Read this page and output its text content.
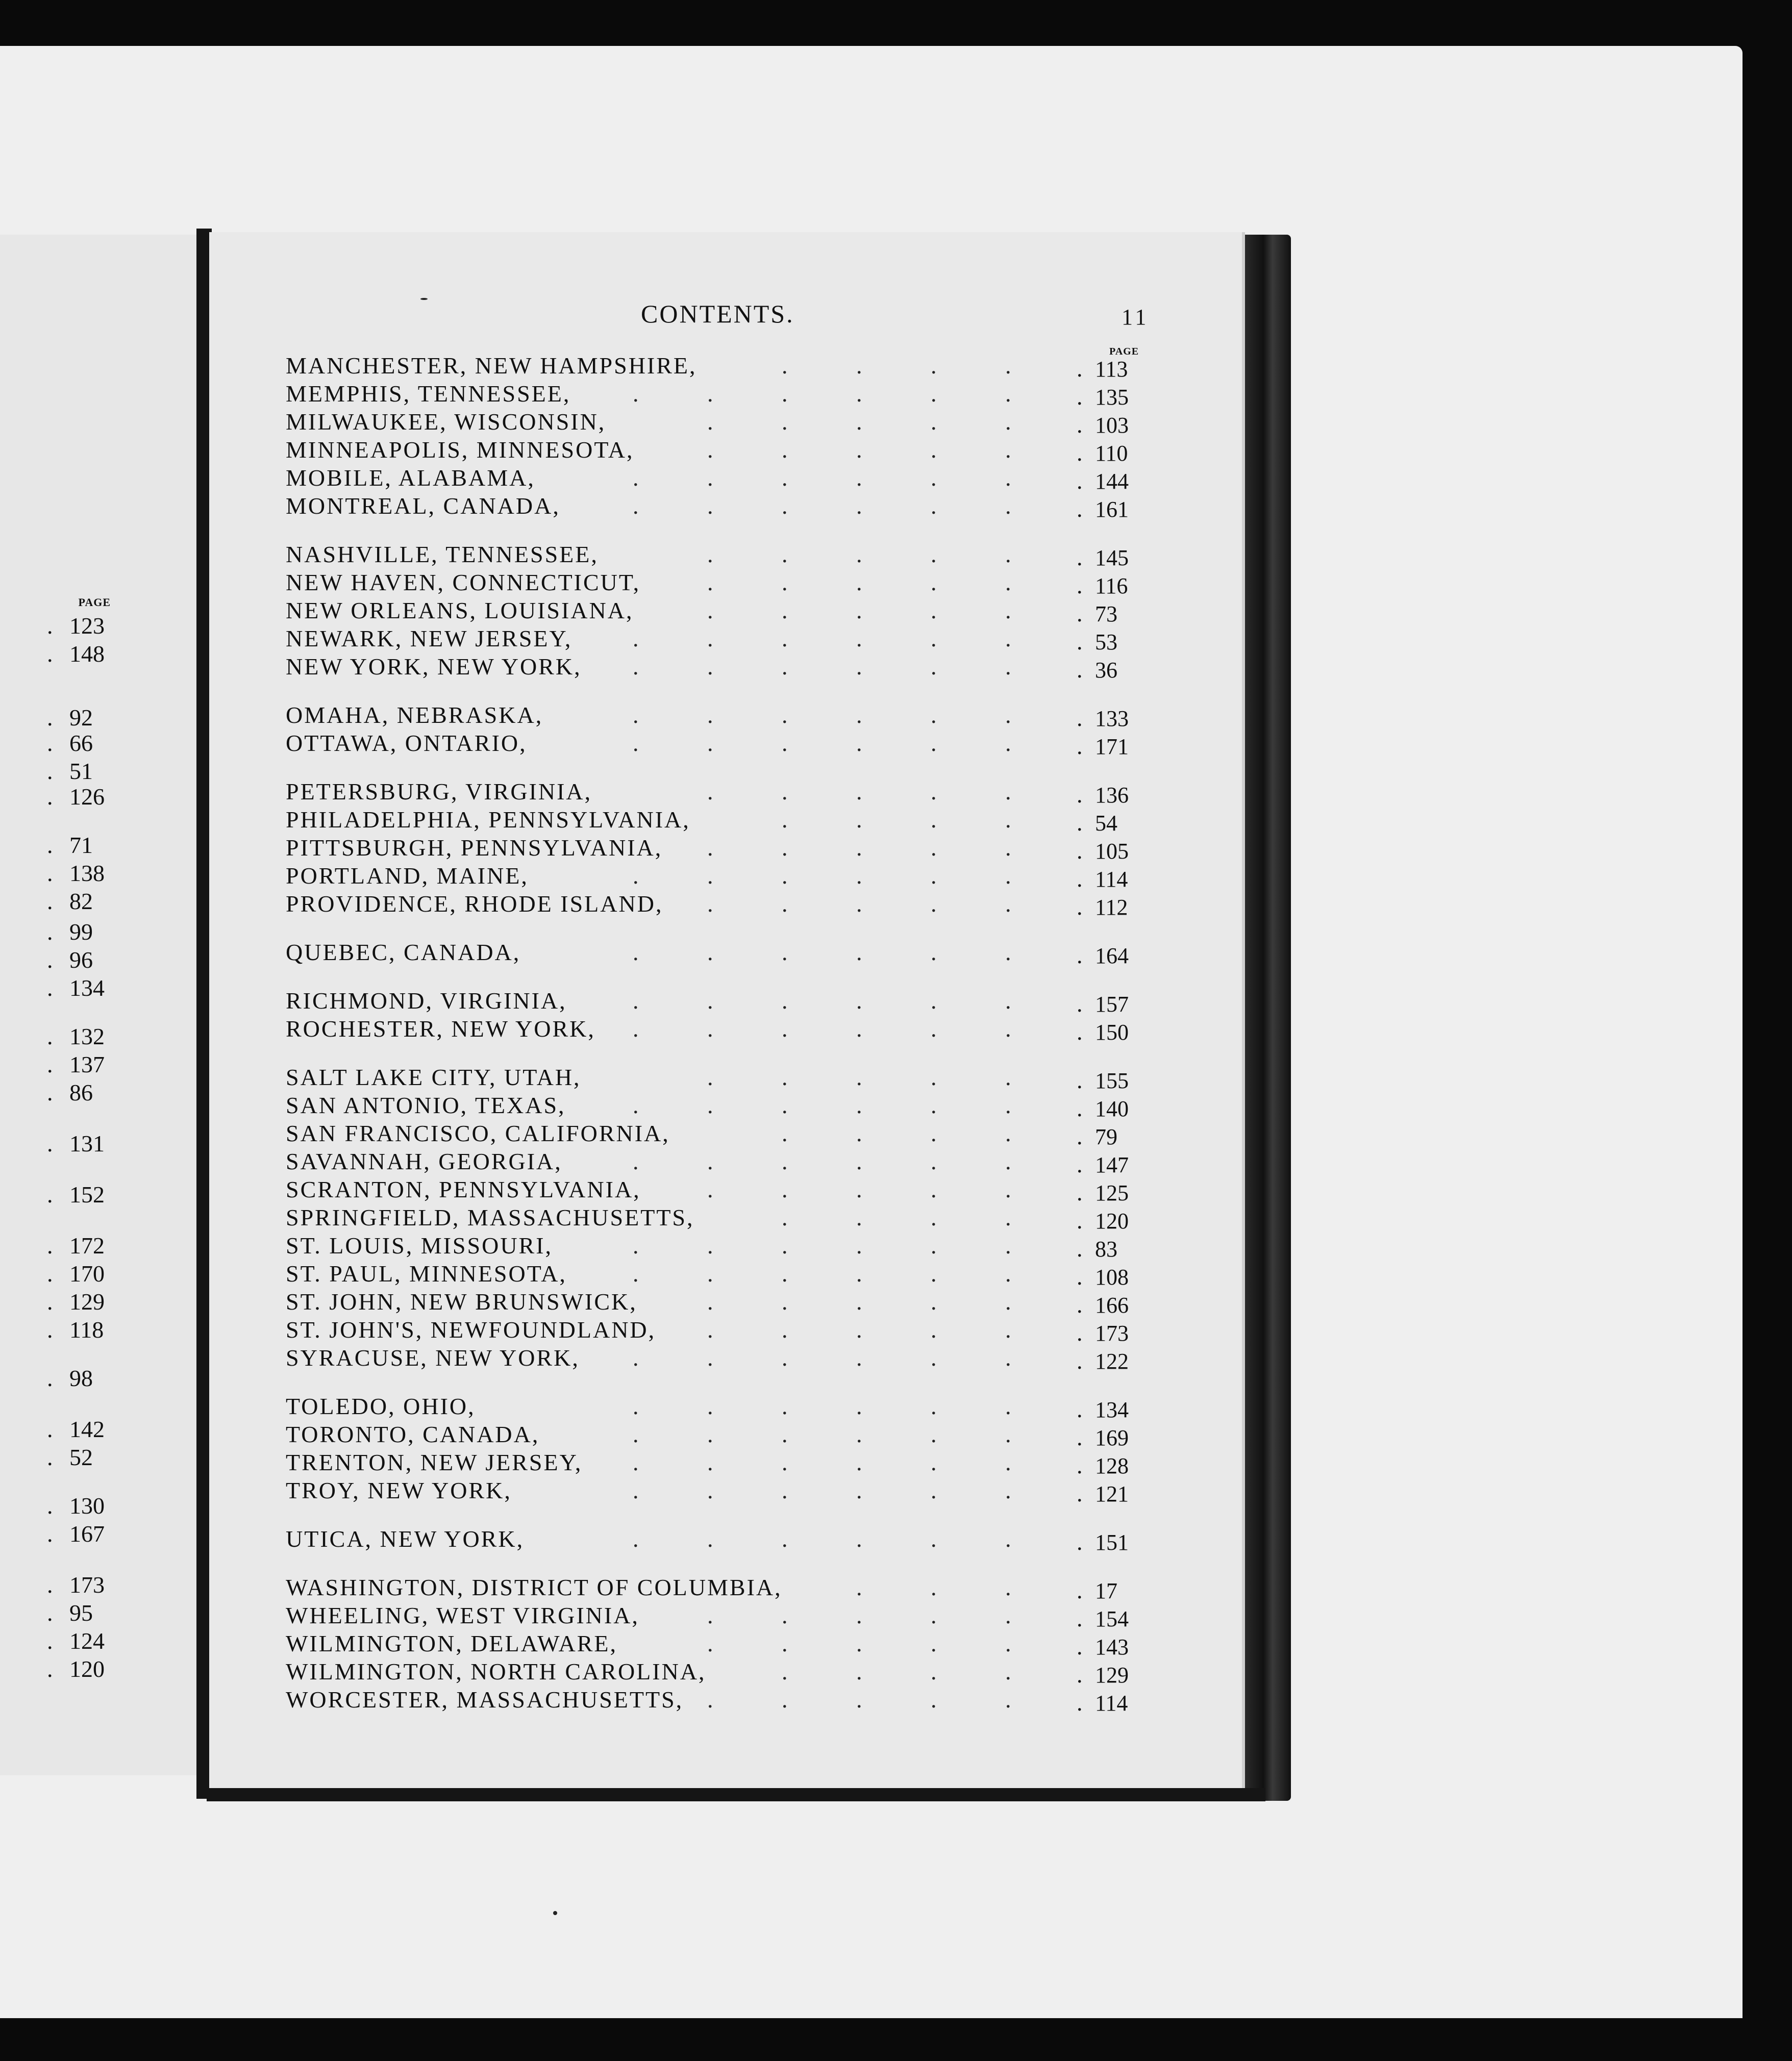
PAGE
. 123
. 148
. 92
. 66
. 51
. 126
. 71
. 138
. 82
. 99
. 96
. 134
. 132
. 137
. 86
. 131
. 152
. 172
. 170
. 129
. 118
. 98
. 142
. 52
. 130
. 167
. 173
. 95
. 124
. 120
CONTENTS.	11
PAGE
MANCHESTER, NEW HAMPSHIRE,	.	.	.	.	. 113
MEMPHIS, TENNESSEE,	.	.	.	.	.	.	. 135
MILWAUKEE, WISCONSIN,	.	.	.	.	.	. 103
MINNEAPOLIS, MINNESOTA,	.	.	.	.	.	. 110
MOBILE, ALABAMA,	.	.	.	.	.	.	. 144
MONTREAL, CANADA,	.	.	.	.	.	.	. 161
NASHVILLE, TENNESSEE,	.	.	.	.	.	. 145
NEW HAVEN, CONNECTICUT,	.	.	.	.	.	. 116
NEW ORLEANS, LOUISIANA,	.	.	.	.	.	. 73
NEWARK, NEW JERSEY,	.	.	.	.	.	.	. 53
NEW YORK, NEW YORK, .	.	.	.	.	.	. 36
OMAHA, NEBRASKA,	.	.	.	.	.	.	. 133
OTTAWA, ONTARIO,	.	.	.	.	.	.	. 171
PETERSBURG, VIRGINIA,	.	.	.	.	.	. 136
PHILADELPHIA, PENNSYLVANIA,	.	.	.	.	. 54
PITTSBURGH, PENNSYLVANIA,	.	.	.	.	.	. 105
PORTLAND, MAINE,	.	.	.	.	.	.	. 114
PROVIDENCE, RHODE ISLAND,	.	.	.	.	.	. 112
QUEBEC, CANADA,	.	.	.	.	.	.	. 164
RICHMOND, VIRGINIA,	.	.	.	.	.	.	. 157
ROCHESTER, NEW YORK, .	.	.	.	.	.	. 150
SALT LAKE CITY, UTAH,	.	.	.	.	.	. 155
SAN ANTONIO, TEXAS,	.	.	.	.	.	.	. 140
SAN FRANCISCO, CALIFORNIA,	.	.	.	.	. 79
SAVANNAH, GEORGIA,	.	.	.	.	.	.	. 147
SCRANTON, PENNSYLVANIA,	.	.	.	.	.	. 125
SPRINGFIELD, MASSACHUSETTS,	.	.	.	.	. 120
ST. LOUIS, MISSOURI,	.	.	.	.	.	.	. 83
ST. PAUL, MINNESOTA,	.	.	.	.	.	.	. 108
ST. JOHN, NEW BRUNSWICK,	.	.	.	.	.	. 166
ST. JOHN'S, NEWFOUNDLAND,	.	.	.	.	.	. 173
SYRACUSE, NEW YORK, .	.	.	.	.	.	. 122
TOLEDO, OHIO,	.	.	.	.	.	.	. 134
TORONTO, CANADA,	.	.	.	.	.	.	. 169
TRENTON, NEW JERSEY, .	.	.	.	.	.	. 128
TROY, NEW YORK,	.	.	.	.	.	.	. 121
UTICA, NEW YORK,	.	.	.	.	.	.	. 151
WASHINGTON, DISTRICT OF COLUMBIA,	.	.	.	. 17
WHEELING, WEST VIRGINIA,	.	.	.	.	.	. 154
WILMINGTON, DELAWARE,	.	.	.	.	.	. 143
WILMINGTON, NORTH CAROLINA,	.	.	.	.	. 129
WORCESTER, MASSACHUSETTS,	.	.	.	.	.	. 114
